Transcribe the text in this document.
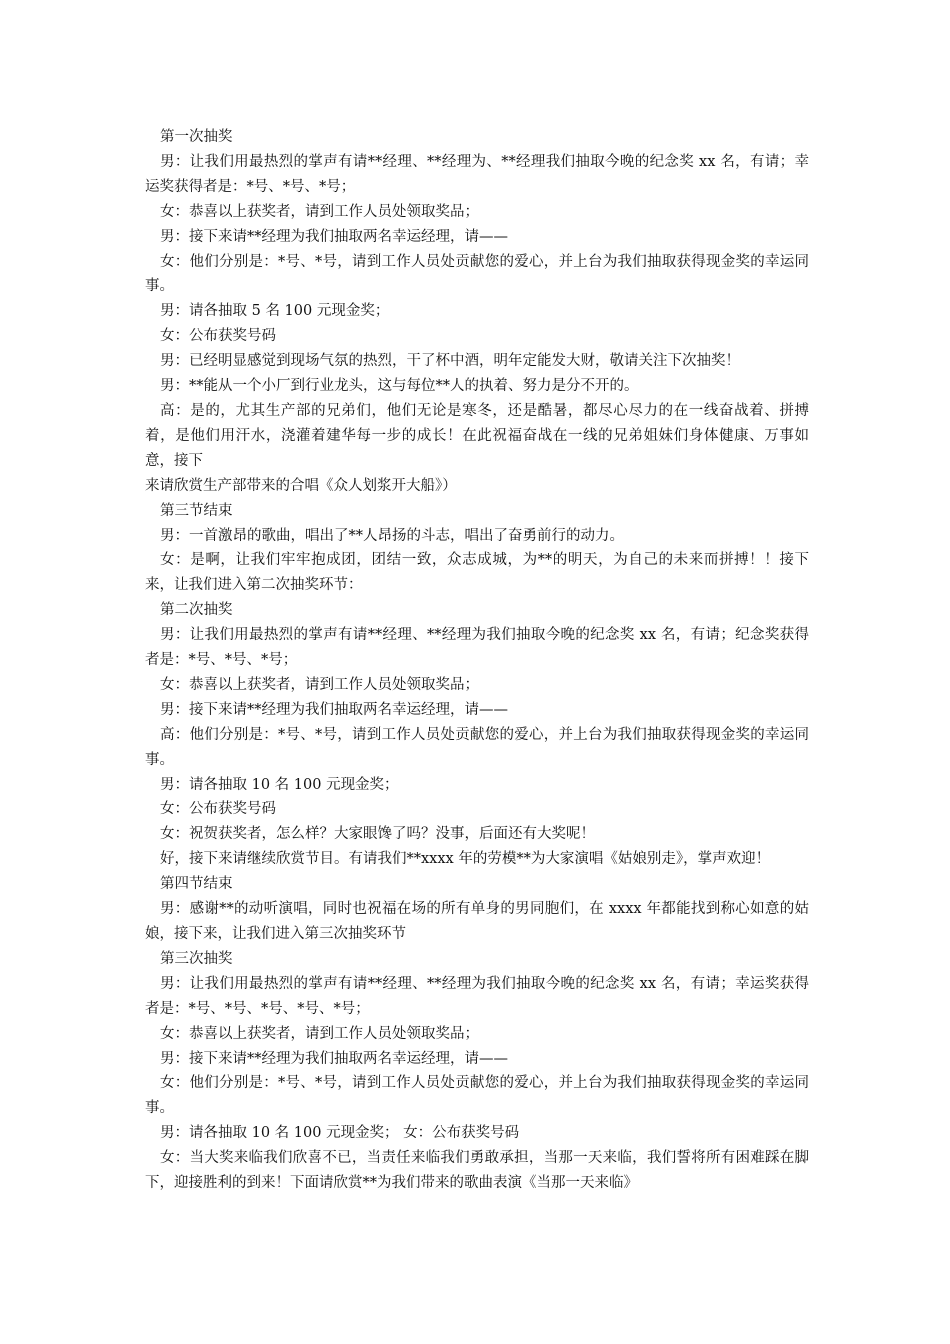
第一次抽奖

男：让我们用最热烈的掌声有请**经理、**经理为、**经理我们抽取今晚的纪念奖 xx 名，有请；幸运奖获得者是：*号、*号、*号；

女：恭喜以上获奖者，请到工作人员处领取奖品；

男：接下来请**经理为我们抽取两名幸运经理，请——

女：他们分别是：*号、*号，请到工作人员处贡献您的爱心，并上台为我们抽取获得现金奖的幸运同事。

男：请各抽取 5 名 100 元现金奖；

女：公布获奖号码

男：已经明显感觉到现场气氛的热烈，干了杯中酒，明年定能发大财，敬请关注下次抽奖！

男：**能从一个小厂到行业龙头，这与每位**人的执着、努力是分不开的。

高：是的，尤其生产部的兄弟们，他们无论是寒冬，还是酷暑，都尽心尽力的在一线奋战着、拼搏着，是他们用汗水，浇灌着建华每一步的成长！在此祝福奋战在一线的兄弟姐妹们身体健康、万事如意，接下

来请欣赏生产部带来的合唱《众人划浆开大船》）

第三节结束

男：一首激昂的歌曲，唱出了**人昂扬的斗志，唱出了奋勇前行的动力。

女：是啊，让我们牢牢抱成团，团结一致，众志成城，为**的明天，为自己的未来而拼搏！！接下来，让我们进入第二次抽奖环节：

第二次抽奖

男：让我们用最热烈的掌声有请**经理、**经理为我们抽取今晚的纪念奖 xx 名，有请；纪念奖获得者是：*号、*号、*号；

女：恭喜以上获奖者，请到工作人员处领取奖品；

男：接下来请**经理为我们抽取两名幸运经理，请——

高：他们分别是：*号、*号，请到工作人员处贡献您的爱心，并上台为我们抽取获得现金奖的幸运同事。

男：请各抽取 10 名 100 元现金奖；

女：公布获奖号码

女：祝贺获奖者，怎么样？大家眼馋了吗？没事，后面还有大奖呢！

好，接下来请继续欣赏节目。有请我们**xxxx 年的劳模**为大家演唱《姑娘别走》，掌声欢迎！

第四节结束

男：感谢**的动听演唱，同时也祝福在场的所有单身的男同胞们，在 xxxx 年都能找到称心如意的姑娘，接下来，让我们进入第三次抽奖环节

第三次抽奖

男：让我们用最热烈的掌声有请**经理、**经理为我们抽取今晚的纪念奖 xx 名，有请；幸运奖获得者是：*号、*号、*号、*号、*号；

女：恭喜以上获奖者，请到工作人员处领取奖品；

男：接下来请**经理为我们抽取两名幸运经理，请——

女：他们分别是：*号、*号，请到工作人员处贡献您的爱心，并上台为我们抽取获得现金奖的幸运同事。

男：请各抽取 10 名 100 元现金奖； 女：公布获奖号码

女：当大奖来临我们欣喜不已，当责任来临我们勇敢承担，当那一天来临，我们誓将所有困难踩在脚下，迎接胜利的到来！下面请欣赏**为我们带来的歌曲表演《当那一天来临》
